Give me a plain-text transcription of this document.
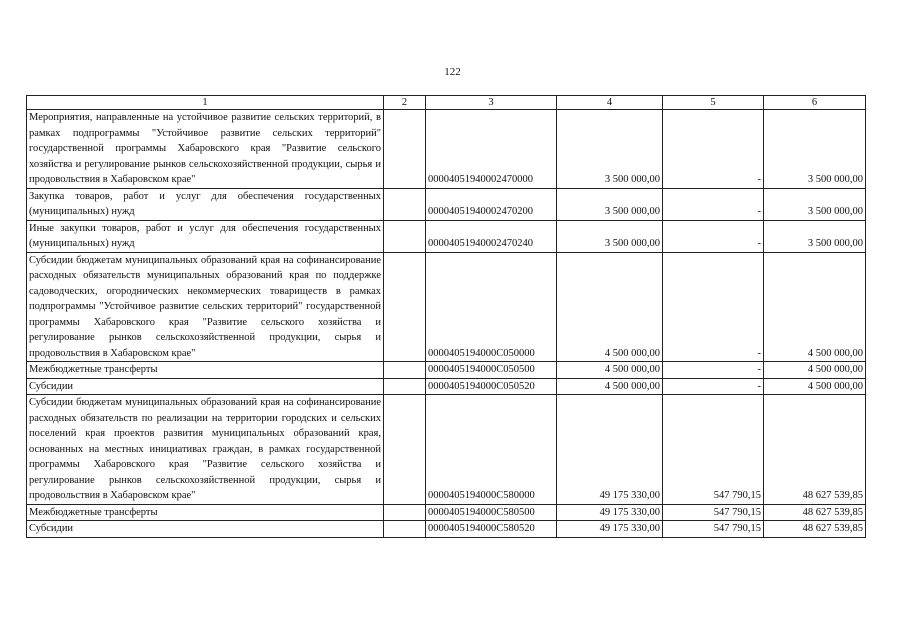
122
1	2	3	4	5	6
Мероприятия, направленные на устойчивое развитие сельских территорий, в рамках подпрограммы "Устойчивое развитие сельских территорий" государственной программы Хабаровского края "Развитие сельского хозяйства и регулирование рынков сельскохозяйственной продукции, сырья и продовольствия в Хабаровском крае"		00004051940002470000	3 500 000,00	-	3 500 000,00
Закупка товаров, работ и услуг для обеспечения государственных (муниципальных) нужд		00004051940002470200	3 500 000,00	-	3 500 000,00
Иные закупки товаров, работ и услуг для обеспечения государственных (муниципальных) нужд		00004051940002470240	3 500 000,00	-	3 500 000,00
Субсидии бюджетам муниципальных образований края на софинансирование расходных обязательств муниципальных образований края по поддержке садоводческих, огороднических некоммерческих товариществ в рамках подпрограммы "Устойчивое развитие сельских территорий" государственной программы Хабаровского края "Развитие сельского хозяйства и регулирование рынков сельскохозяйственной продукции, сырья и продовольствия в Хабаровском крае"		0000405194000C050000	4 500 000,00	-	4 500 000,00
Межбюджетные трансферты		0000405194000C050500	4 500 000,00	-	4 500 000,00
Субсидии		0000405194000C050520	4 500 000,00	-	4 500 000,00
Субсидии бюджетам муниципальных образований края на софинансирование расходных обязательств по реализации на территории городских и сельских поселений края проектов развития муниципальных образований края, основанных на местных инициативах граждан, в рамках государственной программы Хабаровского края "Развитие сельского хозяйства и регулирование рынков сельскохозяйственной продукции, сырья и продовольствия в Хабаровском крае"		0000405194000C580000	49 175 330,00	547 790,15	48 627 539,85
Межбюджетные трансферты		0000405194000C580500	49 175 330,00	547 790,15	48 627 539,85
Субсидии		0000405194000C580520	49 175 330,00	547 790,15	48 627 539,85
